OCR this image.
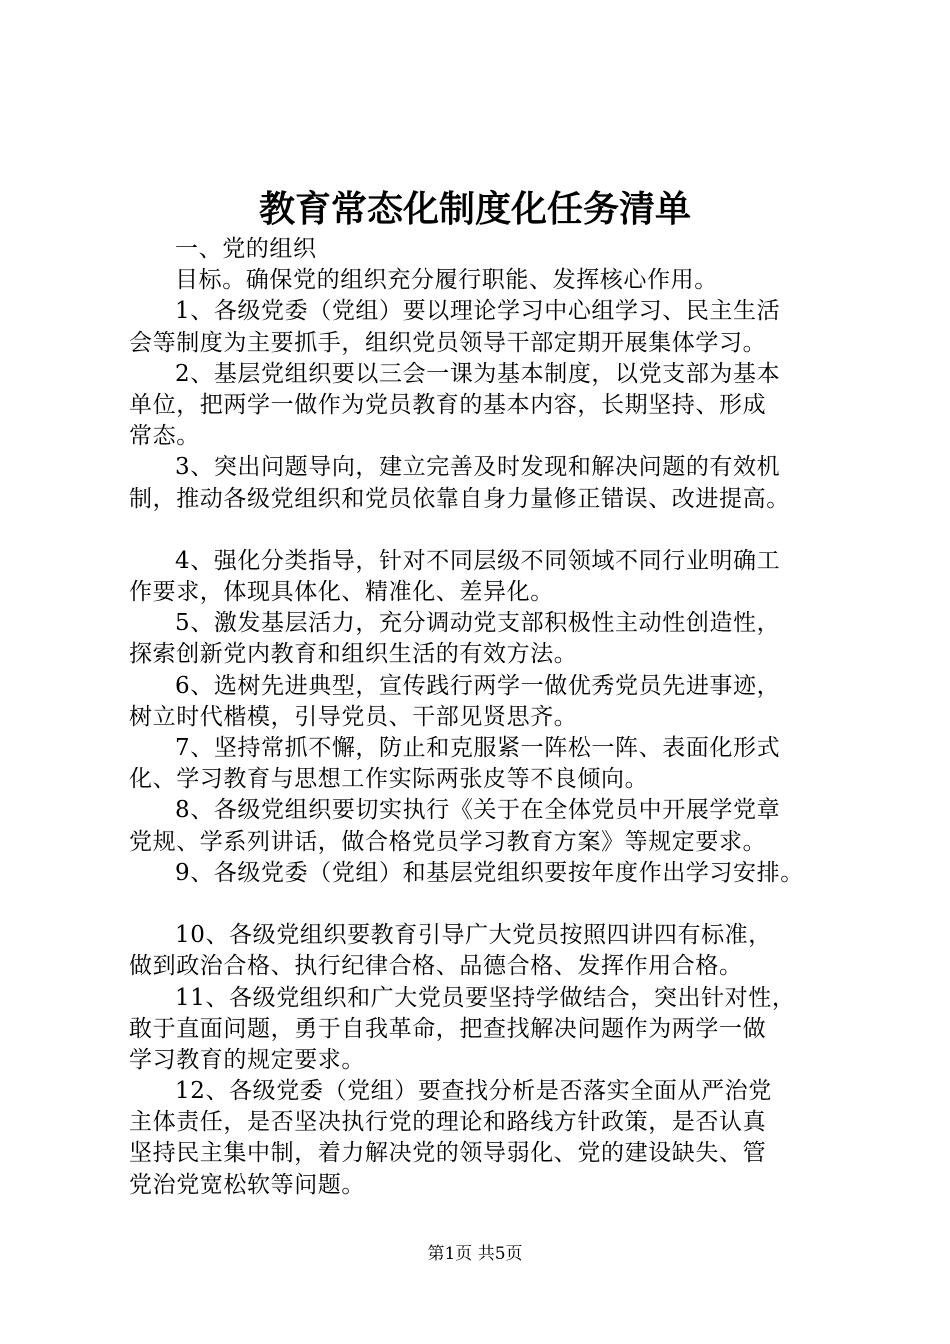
教育常态化制度化任务清单
一、党的组织
目标。确保党的组织充分履行职能、发挥核心作用。
1、各级党委（党组）要以理论学习中心组学习、民主生活
会等制度为主要抓手，组织党员领导干部定期开展集体学习。
2、基层党组织要以三会一课为基本制度，以党支部为基本
单位，把两学一做作为党员教育的基本内容，长期坚持、形成
常态。
3、突出问题导向，建立完善及时发现和解决问题的有效机
制，推动各级党组织和党员依靠自身力量修正错误、改进提高。
4、强化分类指导，针对不同层级不同领域不同行业明确工
作要求，体现具体化、精准化、差异化。
5、激发基层活力，充分调动党支部积极性主动性创造性，
探索创新党内教育和组织生活的有效方法。
6、选树先进典型，宣传践行两学一做优秀党员先进事迹，
树立时代楷模，引导党员、干部见贤思齐。
7、坚持常抓不懈，防止和克服紧一阵松一阵、表面化形式
化、学习教育与思想工作实际两张皮等不良倾向。
8、各级党组织要切实执行《关于在全体党员中开展学党章
党规、学系列讲话，做合格党员学习教育方案》等规定要求。
9、各级党委（党组）和基层党组织要按年度作出学习安排。
10、各级党组织要教育引导广大党员按照四讲四有标准，
做到政治合格、执行纪律合格、品德合格、发挥作用合格。
11、各级党组织和广大党员要坚持学做结合，突出针对性，
敢于直面问题，勇于自我革命，把查找解决问题作为两学一做
学习教育的规定要求。
12、各级党委（党组）要查找分析是否落实全面从严治党
主体责任，是否坚决执行党的理论和路线方针政策，是否认真
坚持民主集中制，着力解决党的领导弱化、党的建设缺失、管
党治党宽松软等问题。
第1页 共5页
